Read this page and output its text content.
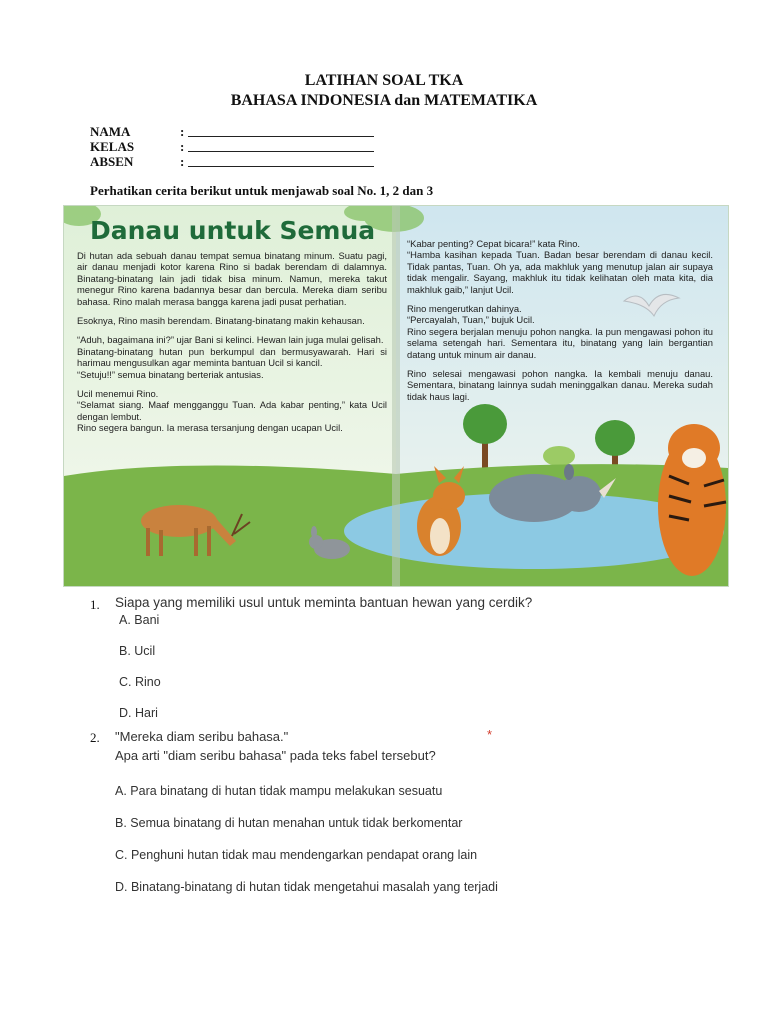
LATIHAN SOAL TKA
BAHASA INDONESIA dan MATEMATIKA
NAMA	:
KELAS	:
ABSEN	:
Perhatikan cerita berikut untuk menjawab soal No. 1, 2 dan 3
Danau untuk Semua

Di hutan ada sebuah danau tempat semua binatang minum. Suatu pagi, air danau menjadi kotor karena Rino si badak berendam di dalamnya. Binatang-binatang lain jadi tidak bisa minum. Namun, mereka takut menegur Rino karena badannya besar dan bercula. Mereka diam seribu bahasa. Rino malah merasa bangga karena jadi pusat perhatian.

Esoknya, Rino masih berendam. Binatang-binatang makin kehausan.

“Aduh, bagaimana ini?” ujar Bani si kelinci. Hewan lain juga mulai gelisah.

Binatang-binatang hutan pun berkumpul dan bermusyawarah. Hari si harimau mengusulkan agar meminta bantuan Ucil si kancil.

“Setuju!!” semua binatang berteriak antusias.

Ucil menemui Rino.

“Selamat siang. Maaf mengganggu Tuan. Ada kabar penting,” kata Ucil dengan lembut.

Rino segera bangun. Ia merasa tersanjung dengan ucapan Ucil.

“Kabar penting? Cepat bicara!” kata Rino.

“Hamba kasihan kepada Tuan. Badan besar berendam di danau kecil. Tidak pantas, Tuan. Oh ya, ada makhluk yang menutup jalan air supaya tidak mengalir. Sayang, makhluk itu tidak kelihatan oleh mata kita, dia makhluk gaib,” lanjut Ucil.

Rino mengerutkan dahinya.

“Percayalah, Tuan,” bujuk Ucil.

Rino segera berjalan menuju pohon nangka. Ia pun mengawasi pohon itu selama setengah hari. Sementara itu, binatang yang lain bergantian datang untuk minum air danau.

Rino selesai mengawasi pohon nangka. Ia kembali menuju danau. Sementara, binatang lainnya sudah meninggalkan danau. Mereka sudah tidak haus lagi.

1. Siapa yang memiliki usul untuk meminta bantuan hewan yang cerdik?
A. Bani
B. Ucil
C. Rino
D. Hari
2. "Mereka diam seribu bahasa."	*
Apa arti "diam seribu bahasa" pada teks fabel tersebut?
A. Para binatang di hutan tidak mampu melakukan sesuatu
B. Semua binatang di hutan menahan untuk tidak berkomentar
C. Penghuni hutan tidak mau mendengarkan pendapat orang lain
D. Binatang-binatang di hutan tidak mengetahui masalah yang terjadi
